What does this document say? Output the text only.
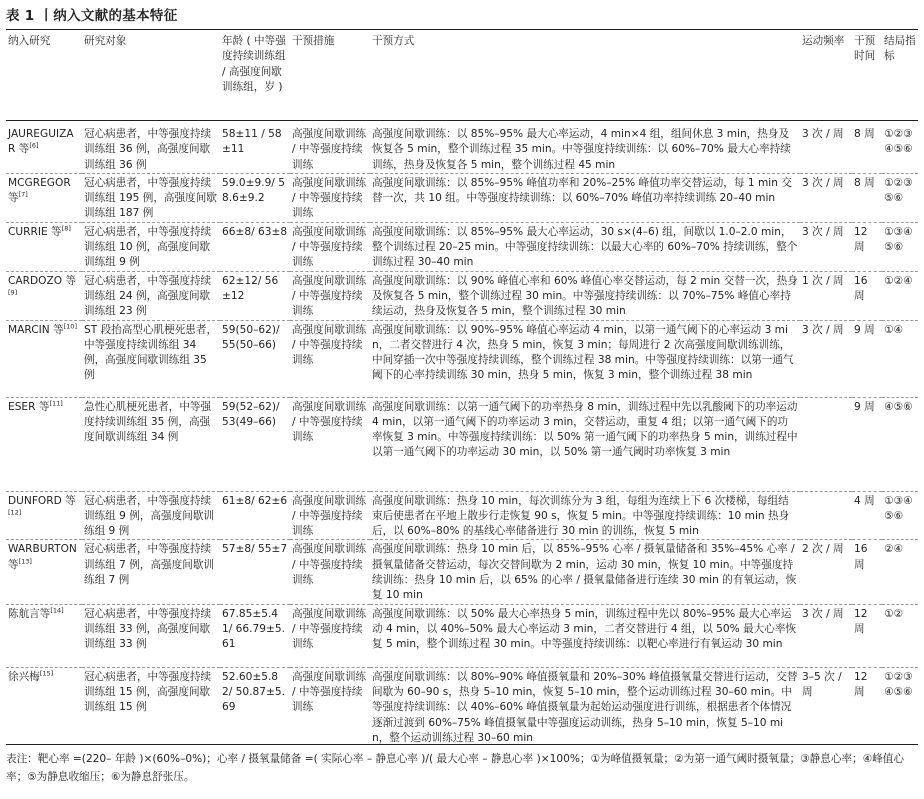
表 1 丨纳入文献的基本特征
纳入研究	研究对象	年龄 ( 中等强度持续训练组 / 高强度间歇训练组，岁 )	干预措施	干预方式	运动频率	干预时间	结局指标
JAUREGUIZAR 等[6]	冠心病患者，中等强度持续训练组 36 例，高强度间歇训练组 36 例	58±11 / 58±11	高强度间歇训练 / 中等强度持续训练	高强度间歇训练：以 85%–95% 最大心率运动，4 min×4 组，组间休息 3 min，热身及恢复各 5 min，整个训练过程 35 min。中等强度持续训练：以 60%–70% 最大心率持续训练，热身及恢复各 5 min，整个训练过程 45 min	3 次 / 周	8 周	①②③④⑤⑥
MCGREGOR 等[7]	冠心病患者，中等强度持续训练组 195 例，高强度间歇训练组 187 例	59.0±9.9/ 58.6±9.2	高强度间歇训练 / 中等强度持续训练	高强度间歇训练：以 85%–95% 峰值功率和 20%–25% 峰值功率交替运动，每 1 min 交替一次，共 10 组。中等强度持续训练：以 60%–70% 峰值功率持续训练 20–40 min	3 次 / 周	8 周	①②③⑤⑥
CURRIE 等[8]	冠心病患者，中等强度持续训练组 10 例，高强度间歇训练组 9 例	66±8/ 63±8	高强度间歇训练 / 中等强度持续训练	高强度间歇训练：以 85%–95% 最大心率运动，30 s×(4–6) 组，间歇以 1.0–2.0 min，整个训练过程 20–25 min。中等强度持续训练：以最大心率的 60%–70% 持续训练，整个训练过程 30–40 min	3 次 / 周	12 周	①③④⑤⑥
CARDOZO 等[9]	冠心病患者，中等强度持续训练组 24 例，高强度间歇训练组 23 例	62±12/ 56±12	高强度间歇训练 / 中等强度持续训练	高强度间歇训练：以 90% 峰值心率和 60% 峰值心率交替运动，每 2 min 交替一次，热身及恢复各 5 min，整个训练过程 30 min。中等强度持续训练：以 70%–75% 峰值心率持续运动，热身及恢复各 5 min，整个训练过程 30 min	1 次 / 周	16 周	①②④
MARCIN 等[10]	ST 段抬高型心肌梗死患者，中等强度持续训练组 34 例，高强度间歇训练组 35 例	59(50–62)/ 55(50–66)	高强度间歇训练 / 中等强度持续训练	高强度间歇训练：以 90%–95% 峰值心率运动 4 min，以第一通气阈下的心率运动 3 min，二者交替进行 4 次，热身 5 min，恢复 3 min；每周进行 2 次高强度间歇训练训练，中间穿插一次中等强度持续训练，整个训练过程 38 min。中等强度持续训练：以第一通气阈下的心率持续训练 30 min，热身 5 min，恢复 3 min，整个训练过程 38 min	3 次 / 周	9 周	①④
ESER 等[11]	急性心肌梗死患者，中等强度持续训练组 35 例，高强度间歇训练组 34 例	59(52–62)/ 53(49–66)	高强度间歇训练 / 中等强度持续训练	高强度间歇训练：以第一通气阈下的功率热身 8 min，训练过程中先以乳酸阈下的功率运动 4 min，以第一通气阈下的功率运动 3 min，交替运动，重复 4 组；以第一通气阈下的功率恢复 3 min。中等强度持续训练：以 50% 第一通气阈下的功率热身 5 min，训练过程中以第一通气阈下的功率运动 30 min，以 50% 第一通气阈时功率恢复 3 min		9 周	④⑤⑥
DUNFORD 等[12]	冠心病患者，中等强度持续训练组 9 例，高强度间歇训练组 9 例	61±8/ 62±6	高强度间歇训练 / 中等强度持续训练	高强度间歇训练：热身 10 min，每次训练分为 3 组，每组为连续上下 6 次楼梯，每组结束后使患者在平地上散步行走恢复 90 s，恢复 5 min。中等强度持续训练：10 min 热身后，以 60%–80% 的基线心率储备进行 30 min 的训练，恢复 5 min		4 周	①③④⑤⑥
WARBURTON 等[13]	冠心病患者，中等强度持续训练组 7 例，高强度间歇训练组 7 例	57±8/ 55±7	高强度间歇训练 / 中等强度持续训练	高强度间歇训练：热身 10 min 后，以 85%–95% 心率 / 摄氧量储备和 35%–45% 心率 / 摄氧量储备交替运动，每次交替间歇为 2 min，运动 30 min，恢复 10 min。中等强度持续训练：热身 10 min 后，以 65% 的心率 / 摄氧量储备进行连续 30 min 的有氧运动，恢复 10 min	2 次 / 周	16 周	②④
陈航言等[14]	冠心病患者，中等强度持续训练组 33 例，高强度间歇训练组 33 例	67.85±5.41/ 66.79±5.61	高强度间歇训练 / 中等强度持续训练	高强度间歇训练：以 50% 最大心率热身 5 min，训练过程中先以 80%–95% 最大心率运动 4 min，以 40%–50% 最大心率运动 3 min，二者交替进行 4 组，以 50% 最大心率恢复 5 min，整个训练过程 30 min。中等强度持续训练：以靶心率进行有氧运动 30 min	3 次 / 周	12 周	①②
徐兴梅[15]	冠心病患者，中等强度持续训练组 15 例，高强度间歇训练组 15 例	52.60±5.82/ 50.87±5.69	高强度间歇训练 / 中等强度持续训练	高强度间歇训练：以 80%–90% 峰值摄氧量和 20%–30% 峰值摄氧量交替进行运动，交替间歇为 60–90 s，热身 5–10 min，恢复 5–10 min，整个运动训练过程 30–60 min。中等强度持续训练：以 40%–60% 峰值摄氧量为起始运动强度进行训练，根据患者个体情况逐渐过渡到 60%–75% 峰值摄氧量中等强度运动训练，热身 5–10 min，恢复 5–10 min，整个运动训练过程 30–60 min	3–5 次 / 周	12 周	①②③④⑤⑥
表注：靶心率 =(220– 年龄 )×(60%–0%)；心率 / 摄氧量储备 =( 实际心率 – 静息心率 )/( 最大心率 – 静息心率 )×100%；①为峰值摄氧量；②为第一通气阈时摄氧量；③静息心率；④峰值心率；⑤为静息收缩压；⑥为静息舒张压。
